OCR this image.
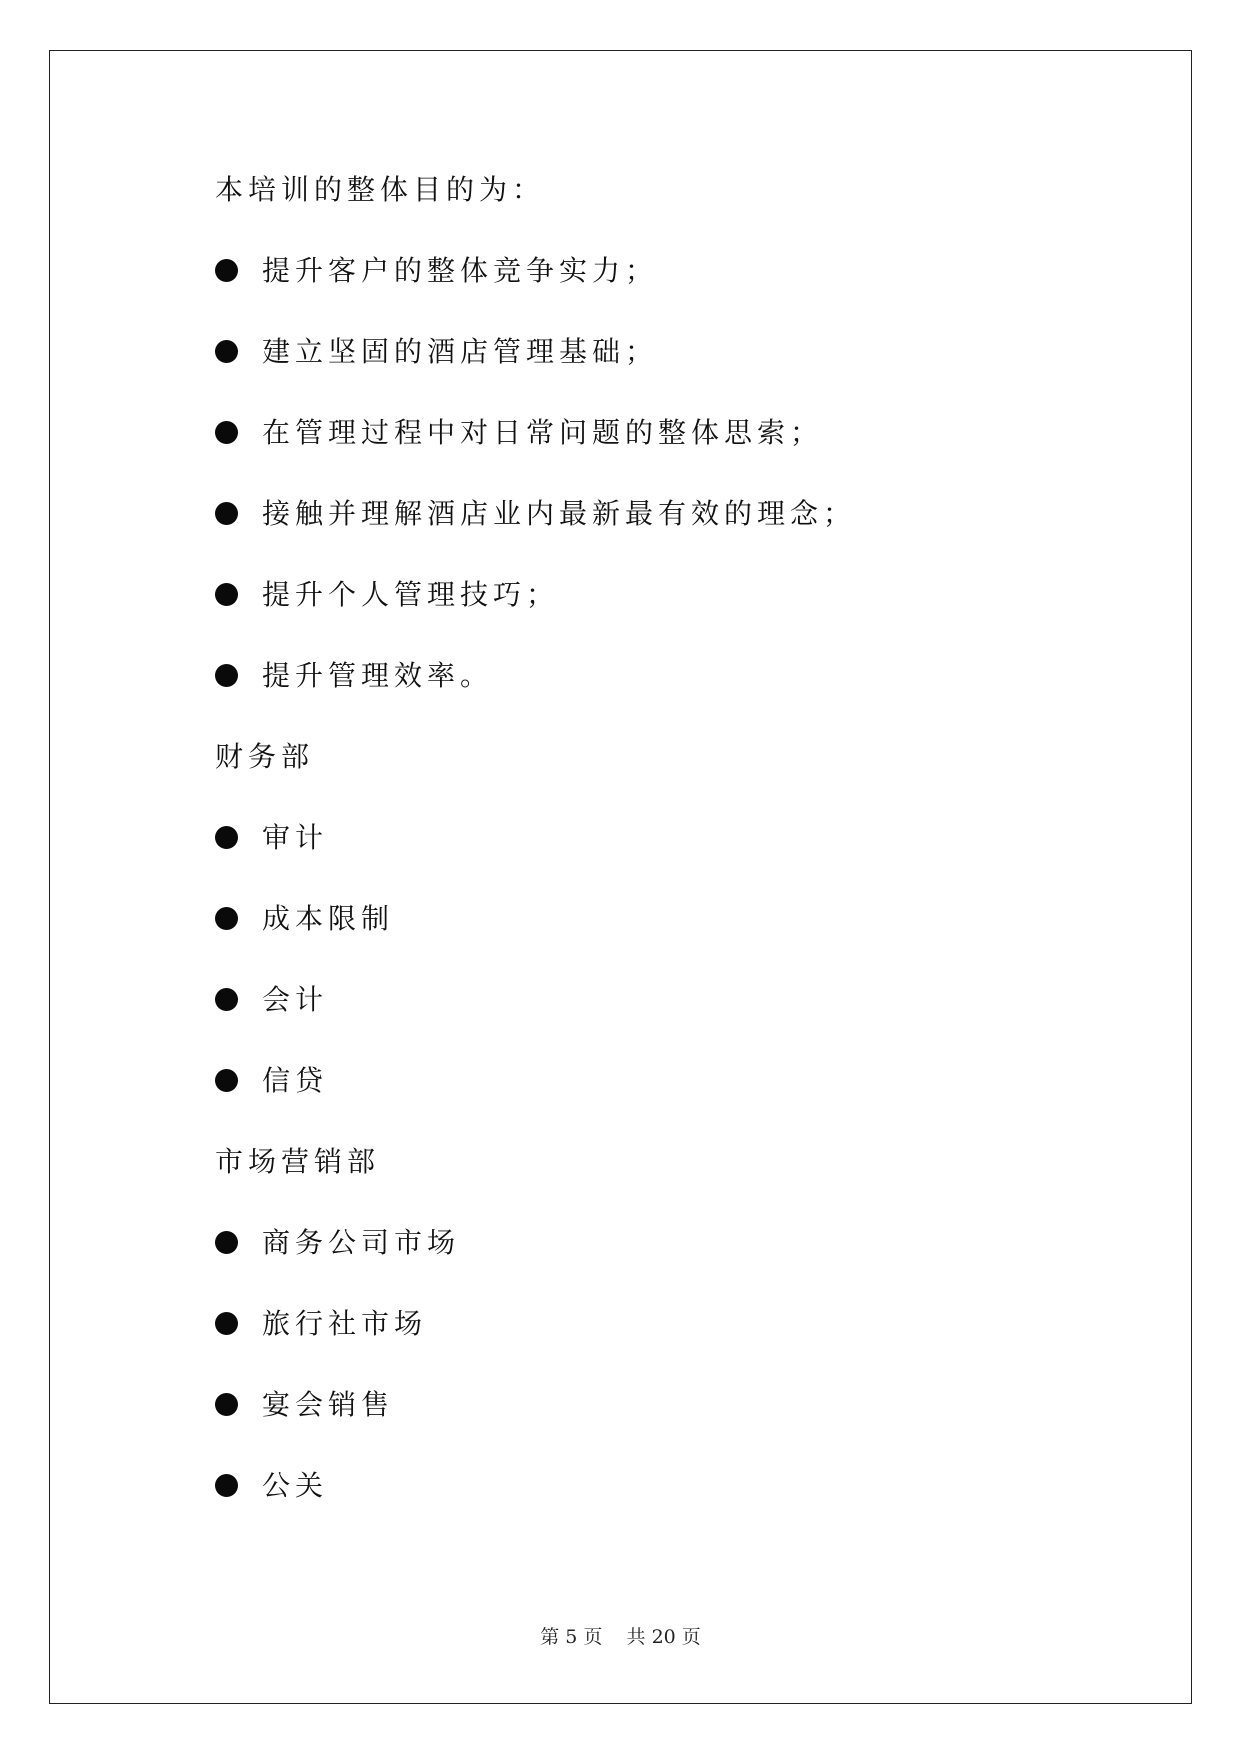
本培训的整体目的为：
提升客户的整体竞争实力；
建立坚固的酒店管理基础；
在管理过程中对日常问题的整体思索；
接触并理解酒店业内最新最有效的理念；
提升个人管理技巧；
提升管理效率。
财务部
审计
成本限制
会计
信贷
市场营销部
商务公司市场
旅行社市场
宴会销售
公关
第 5 页    共 20 页
